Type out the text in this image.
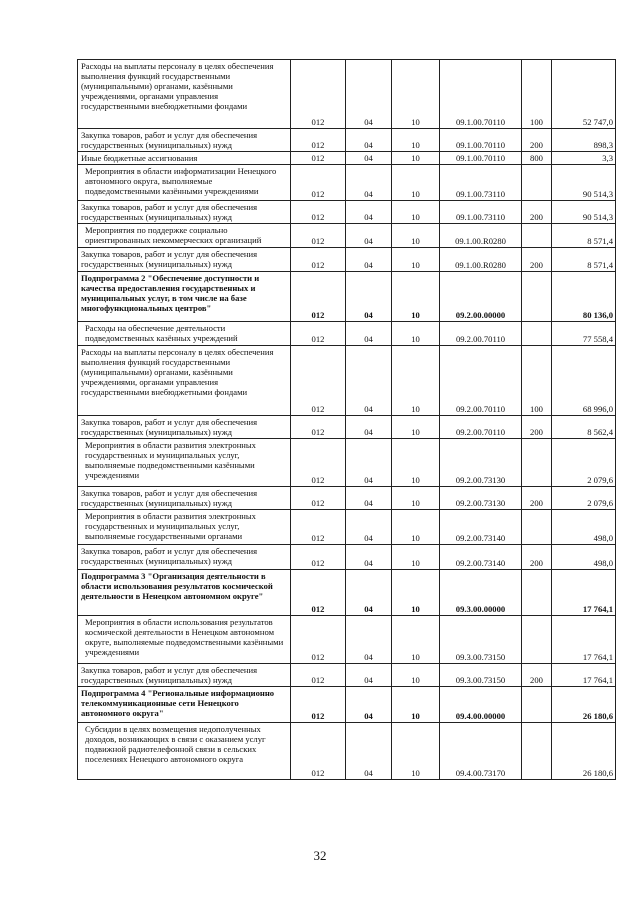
Расходы на выплаты персоналу в целях обеспечения выполнения функций государственными (муниципальными) органами, казёнными учреждениями, органами управления государственными внебюджетными фондами	012	04	10	09.1.00.70110	100	52 747,0
Закупка товаров, работ и услуг для обеспечения государственных (муниципальных) нужд	012	04	10	09.1.00.70110	200	898,3
Иные бюджетные ассигнования	012	04	10	09.1.00.70110	800	3,3
Мероприятия в области информатизации Ненецкого автономного округа, выполняемые подведомственными казёнными учреждениями	012	04	10	09.1.00.73110		90 514,3
Закупка товаров, работ и услуг для обеспечения государственных (муниципальных) нужд	012	04	10	09.1.00.73110	200	90 514,3
Мероприятия по поддержке социально ориентированных некоммерческих организаций	012	04	10	09.1.00.R0280		8 571,4
Закупка товаров, работ и услуг для обеспечения государственных (муниципальных) нужд	012	04	10	09.1.00.R0280	200	8 571,4
Подпрограмма 2 "Обеспечение доступности и качества предоставления государственных и муниципальных услуг, в том числе на базе многофункциональных центров"	012	04	10	09.2.00.00000		80 136,0
Расходы на обеспечение деятельности подведомственных казённых учреждений	012	04	10	09.2.00.70110		77 558,4
Расходы на выплаты персоналу в целях обеспечения выполнения функций государственными (муниципальными) органами, казёнными учреждениями, органами управления государственными внебюджетными фондами	012	04	10	09.2.00.70110	100	68 996,0
Закупка товаров, работ и услуг для обеспечения государственных (муниципальных) нужд	012	04	10	09.2.00.70110	200	8 562,4
Мероприятия в области развития электронных государственных и муниципальных услуг, выполняемые подведомственными казёнными учреждениями	012	04	10	09.2.00.73130		2 079,6
Закупка товаров, работ и услуг для обеспечения государственных (муниципальных) нужд	012	04	10	09.2.00.73130	200	2 079,6
Мероприятия в области развития электронных государственных и муниципальных услуг, выполняемые государственными органами	012	04	10	09.2.00.73140		498,0
Закупка товаров, работ и услуг для обеспечения государственных (муниципальных) нужд	012	04	10	09.2.00.73140	200	498,0
Подпрограмма 3 "Организация деятельности в области использования результатов космической деятельности в Ненецком автономном округе"	012	04	10	09.3.00.00000		17 764,1
Мероприятия в области использования результатов космической деятельности в Ненецком автономном округе, выполняемые подведомственными казёнными учреждениями	012	04	10	09.3.00.73150		17 764,1
Закупка товаров, работ и услуг для обеспечения государственных (муниципальных) нужд	012	04	10	09.3.00.73150	200	17 764,1
Подпрограмма 4 "Региональные информационно телекоммуникационные сети Ненецкого автономного округа"	012	04	10	09.4.00.00000		26 180,6
Субсидии в целях возмещения недополученных доходов, возникающих в связи с оказанием услуг подвижной радиотелефонной связи в сельских поселениях Ненецкого автономного округа	012	04	10	09.4.00.73170		26 180,6
32
